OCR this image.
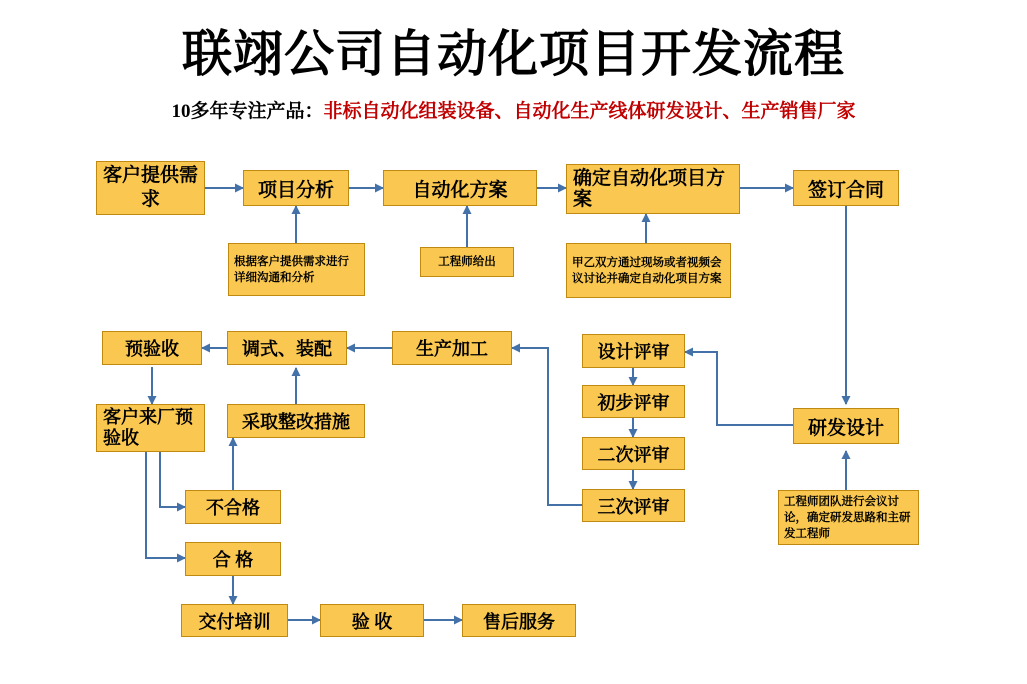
联翊公司自动化项目开发流程
10多年专注产品：非标自动化组装设备、自动化生产线体研发设计、生产销售厂家
客户提供需求	项目分析	自动化方案
确定自动化项目方案	签订合同
根据客户提供需求进行详细沟通和分析
工程师给出	甲乙双方通过现场或者视频会议讨论并确定自动化项目方案
研发设计
工程师团队进行会议讨论，确定研发思路和主研发工程师
设计评审
初步评审
二次评审
三次评审
生产加工
调式、装配
预验收
客户来厂预验收
采取整改措施
不合格
合 格
交付培训	验 收	售后服务
